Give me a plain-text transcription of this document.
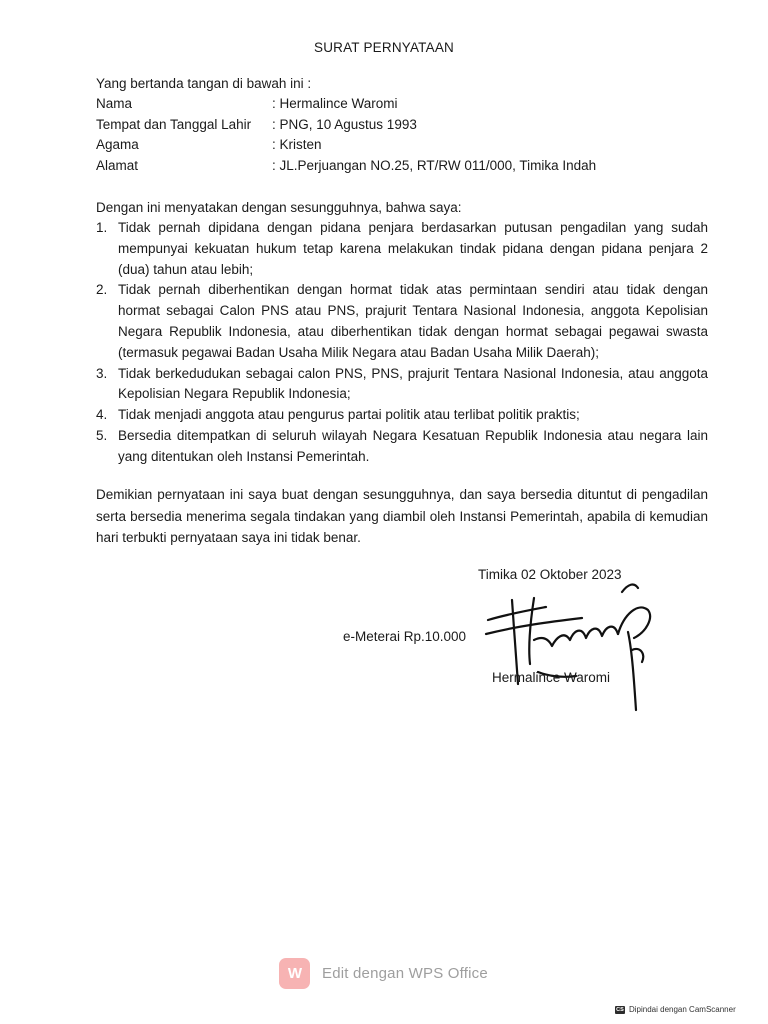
SURAT PERNYATAAN
Yang bertanda tangan di bawah ini :
Nama	: Hermalince Waromi
Tempat dan Tanggal Lahir : PNG, 10 Agustus 1993
Agama	: Kristen
Alamat	: JL.Perjuangan NO.25, RT/RW 011/000, Timika Indah
Dengan ini menyatakan dengan sesungguhnya, bahwa saya:
1. Tidak pernah dipidana dengan pidana penjara berdasarkan putusan pengadilan yang sudah mempunyai kekuatan hukum tetap karena melakukan tindak pidana dengan pidana penjara 2 (dua) tahun atau lebih;
2. Tidak pernah diberhentikan dengan hormat tidak atas permintaan sendiri atau tidak dengan hormat sebagai Calon PNS atau PNS, prajurit Tentara Nasional Indonesia, anggota Kepolisian Negara Republik Indonesia, atau diberhentikan tidak dengan hormat sebagai pegawai swasta (termasuk pegawai Badan Usaha Milik Negara atau Badan Usaha Milik Daerah);
3. Tidak berkedudukan sebagai calon PNS, PNS, prajurit Tentara Nasional Indonesia, atau anggota Kepolisian Negara Republik Indonesia;
4. Tidak menjadi anggota atau pengurus partai politik atau terlibat politik praktis;
5. Bersedia ditempatkan di seluruh wilayah Negara Kesatuan Republik Indonesia atau negara lain yang ditentukan oleh Instansi Pemerintah.
Demikian pernyataan ini saya buat dengan sesungguhnya, dan saya bersedia dituntut di pengadilan serta bersedia menerima segala tindakan yang diambil oleh Instansi Pemerintah, apabila di kemudian hari terbukti pernyataan saya ini tidak benar.
Timika 02 Oktober 2023
e-Meterai Rp.10.000
Hermalince Waromi
W Edit dengan WPS Office
CS Dipindai dengan CamScanner
